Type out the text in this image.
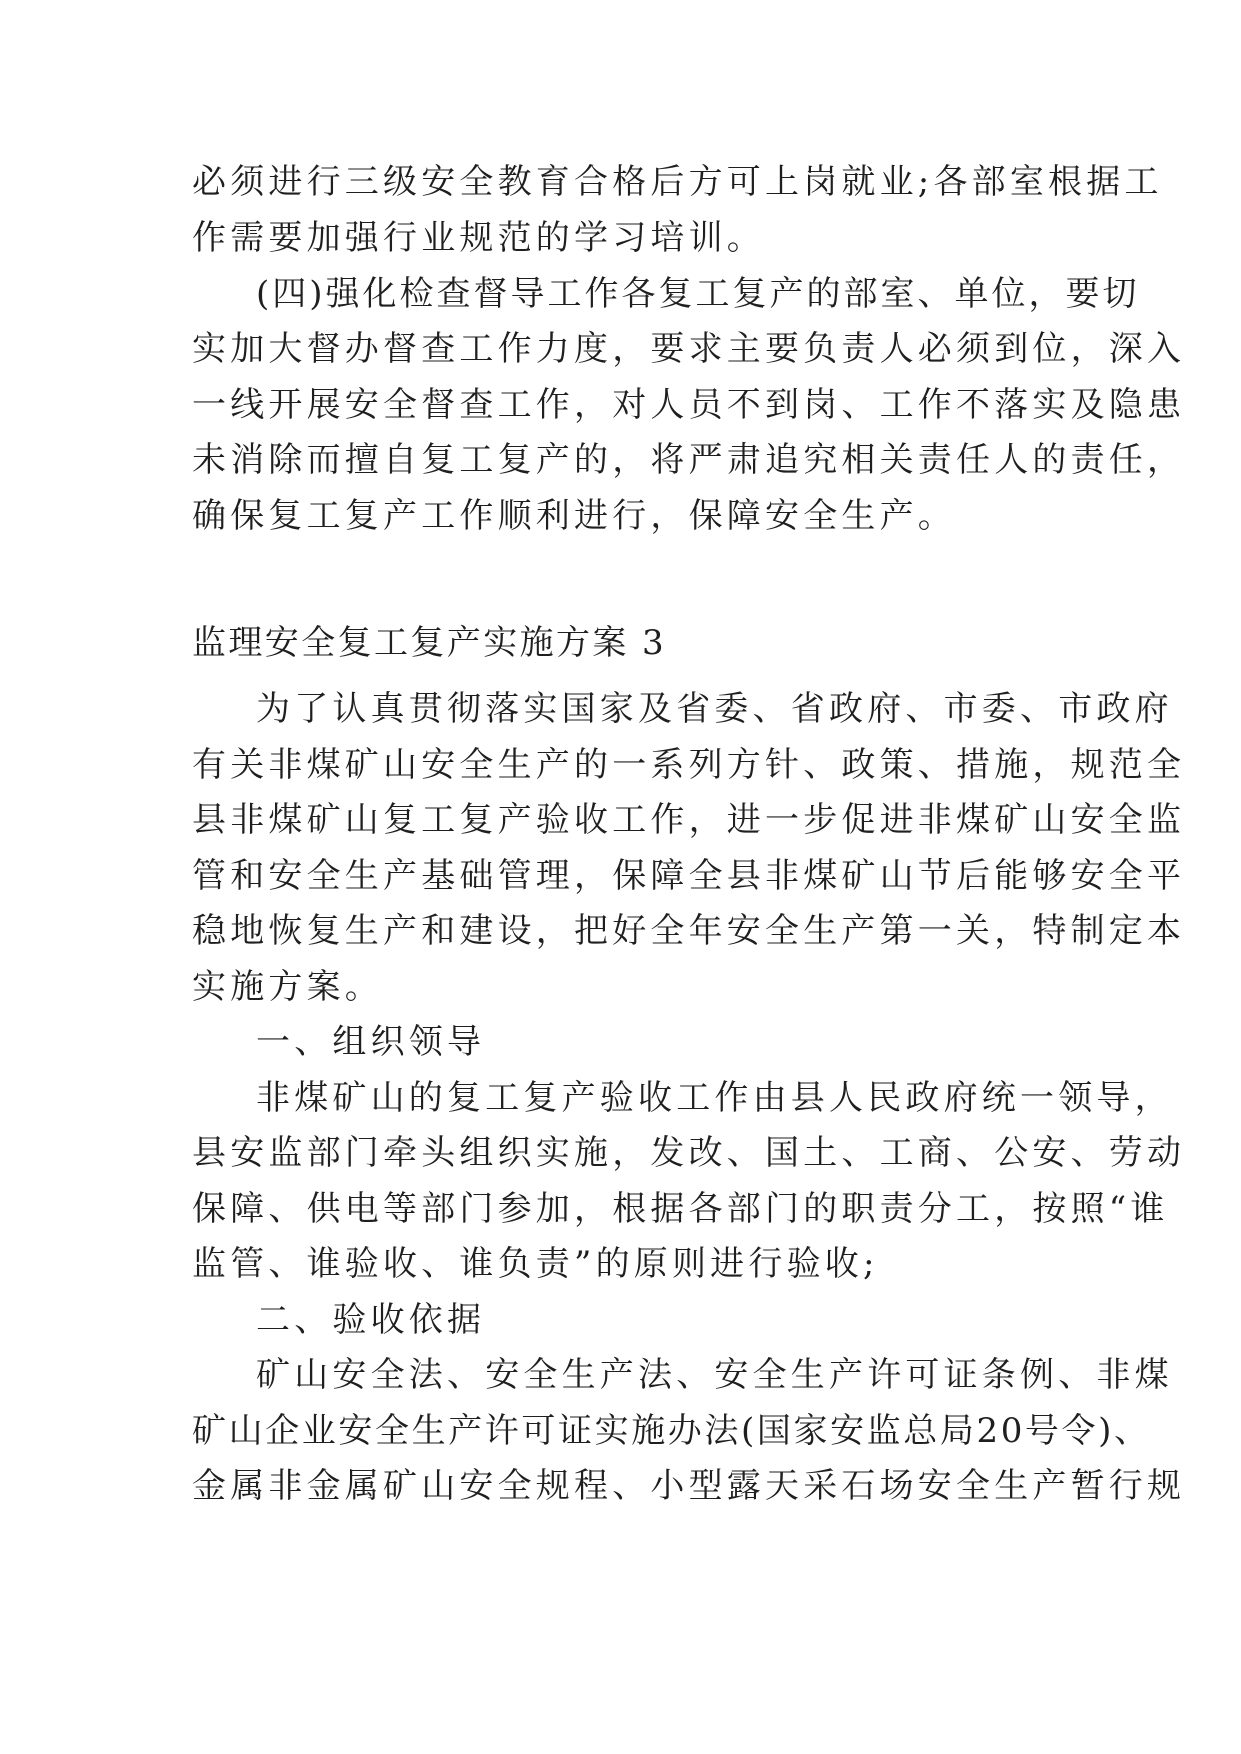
必须进行三级安全教育合格后方可上岗就业;各部室根据工
作需要加强行业规范的学习培训。
(四)强化检查督导工作各复工复产的部室、单位，要切
实加大督办督查工作力度，要求主要负责人必须到位，深入
一线开展安全督查工作，对人员不到岗、工作不落实及隐患
未消除而擅自复工复产的，将严肃追究相关责任人的责任，
确保复工复产工作顺利进行，保障安全生产。
监理安全复工复产实施方案 3
为了认真贯彻落实国家及省委、省政府、市委、市政府
有关非煤矿山安全生产的一系列方针、政策、措施，规范全
县非煤矿山复工复产验收工作，进一步促进非煤矿山安全监
管和安全生产基础管理，保障全县非煤矿山节后能够安全平
稳地恢复生产和建设，把好全年安全生产第一关，特制定本
实施方案。
一、组织领导
非煤矿山的复工复产验收工作由县人民政府统一领导，
县安监部门牵头组织实施，发改、国土、工商、公安、劳动
保障、供电等部门参加，根据各部门的职责分工，按照“谁
监管、谁验收、谁负责”的原则进行验收;
二、验收依据
矿山安全法、安全生产法、安全生产许可证条例、非煤
矿山企业安全生产许可证实施办法(国家安监总局20号令)、
金属非金属矿山安全规程、小型露天采石场安全生产暂行规
